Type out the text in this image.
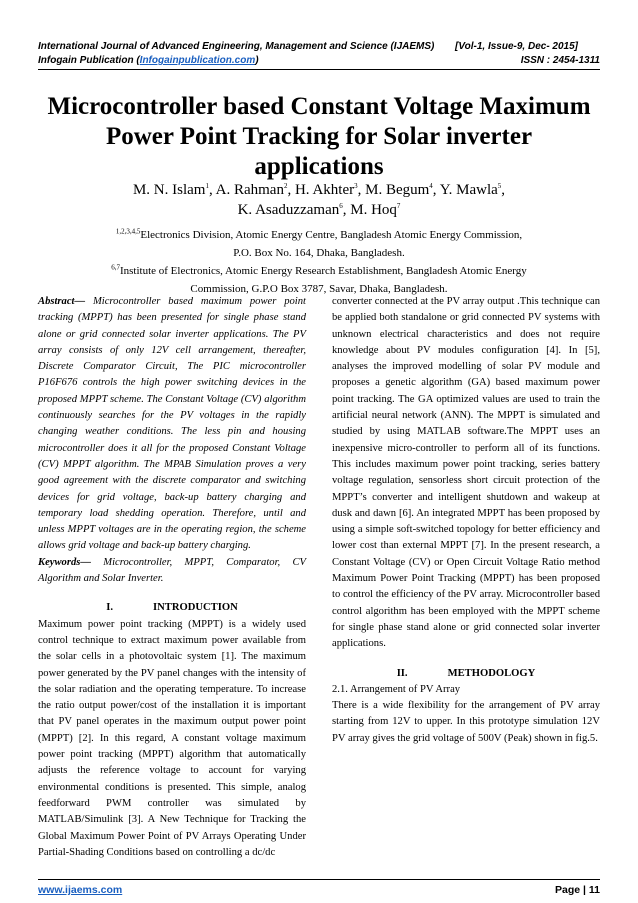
International Journal of Advanced Engineering, Management and Science (IJAEMS) [Vol-1, Issue-9, Dec- 2015]
Infogain Publication (Infogainpublication.com)	ISSN : 2454-1311
Microcontroller based Constant Voltage Maximum Power Point Tracking for Solar inverter applications
M. N. Islam$^1$, A. Rahman$^2$, H. Akhter$^3$, M. Begum$^4$, Y. Mawla$^5$,
K. Asaduzzaman$^6$, M. Hoq$^7$
$^{1,2,3,4,5}$Electronics Division, Atomic Energy Centre, Bangladesh Atomic Energy Commission,
P.O. Box No. 164, Dhaka, Bangladesh.
$^{6,7}$Institute of Electronics, Atomic Energy Research Establishment, Bangladesh Atomic Energy
Commission, G.P.O Box 3787, Savar, Dhaka, Bangladesh.

Abstract— Microcontroller based maximum power point tracking (MPPT) has been presented for single phase stand alone or grid connected solar inverter applications. The PV array consists of only 12V cell arrangement, thereafter, Discrete Comparator Circuit, The PIC microcontroller P16F676 controls the high power switching devices in the proposed MPPT scheme. The Constant Voltage (CV) algorithm continuously searches for the PV voltages in the rapidly changing weather conditions. The less pin and housing microcontroller does it all for the proposed Constant Voltage (CV) MPPT algorithm. The MPAB Simulation proves a very good agreement with the discrete comparator and switching devices for grid voltage, back-up battery charging and temporary load shedding operation. Therefore, until and unless MPPT voltages are in the operating region, the scheme allows grid voltage and back-up battery charging.

Keywords— Microcontroller, MPPT, Comparator, CV Algorithm and Solar Inverter.

I.	INTRODUCTION

Maximum power point tracking (MPPT) is a widely used control technique to extract maximum power available from the solar cells in a photovoltaic system [1]. The maximum power generated by the PV panel changes with the intensity of the solar radiation and the operating temperature. To increase the ratio output power/cost of the installation it is important that PV panel operates in the maximum output power point (MPPT) [2]. In this regard, A constant voltage maximum power point tracking (MPPT) algorithm that automatically adjusts the reference voltage to account for varying environmental conditions is presented. This simple, analog feedforward PWM controller was simulated by MATLAB/Simulink [3]. A New Technique for Tracking the Global Maximum Power Point of PV Arrays Operating Under Partial-Shading Conditions based on controlling a dc/dc

converter connected at the PV array output .This technique can be applied both standalone or grid connected PV systems with unknown electrical characteristics and does not require knowledge about PV modules configuration [4]. In [5], analyses the improved modelling of solar PV module and proposes a genetic algorithm (GA) based maximum power point tracking. The GA optimized values are used to train the artificial neural network (ANN). The MPPT is simulated and studied by using MATLAB software.The MPPT uses an inexpensive micro-controller to perform all of its functions. This includes maximum power point tracking, series battery voltage regulation, sensorless short circuit protection of the MPPT’s converter and intelligent shutdown and wakeup at dusk and dawn [6]. An integrated MPPT has been proposed by using a simple soft-switched topology for better efficiency and lower cost than external MPPT [7]. In the present research, a Constant Voltage (CV) or Open Circuit Voltage Ratio method Maximum Power Point Tracking (MPPT) has been proposed to control the efficiency of the PV array. Microcontroller based control algorithm has been employed with the MPPT scheme for single phase stand alone or grid connected solar inverter applications.

II.	METHODOLOGY

2.1. Arrangement of PV Array

There is a wide flexibility for the arrangement of PV array starting from 12V to upper. In this prototype simulation 12V PV array gives the grid voltage of 500V (Peak) shown in fig.5.

www.ijaems.com	Page | 11
